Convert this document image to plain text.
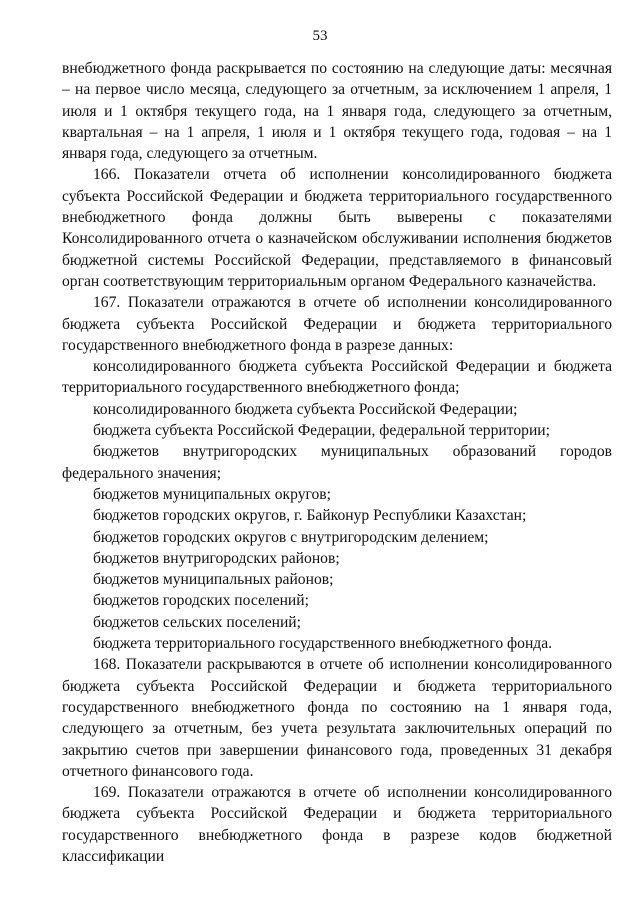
53

внебюджетного фонда раскрывается по состоянию на следующие даты: месячная – на первое число месяца, следующего за отчетным, за исключением 1 апреля, 1 июля и 1 октября текущего года, на 1 января года, следующего за отчетным, квартальная – на 1 апреля, 1 июля и 1 октября текущего года, годовая – на 1 января года, следующего за отчетным.

166. Показатели отчета об исполнении консолидированного бюджета субъекта Российской Федерации и бюджета территориального государственного внебюджетного фонда должны быть выверены с показателями Консолидированного отчета о казначейском обслуживании исполнения бюджетов бюджетной системы Российской Федерации, представляемого в финансовый орган соответствующим территориальным органом Федерального казначейства.

167. Показатели отражаются в отчете об исполнении консолидированного бюджета субъекта Российской Федерации и бюджета территориального государственного внебюджетного фонда в разрезе данных:

консолидированного бюджета субъекта Российской Федерации и бюджета территориального государственного внебюджетного фонда;

консолидированного бюджета субъекта Российской Федерации;

бюджета субъекта Российской Федерации, федеральной территории;

бюджетов внутригородских муниципальных образований городов федерального значения;

бюджетов муниципальных округов;

бюджетов городских округов, г. Байконур Республики Казахстан;

бюджетов городских округов с внутригородским делением;

бюджетов внутригородских районов;

бюджетов муниципальных районов;

бюджетов городских поселений;

бюджетов сельских поселений;

бюджета территориального государственного внебюджетного фонда.

168. Показатели раскрываются в отчете об исполнении консолидированного бюджета субъекта Российской Федерации и бюджета территориального государственного внебюджетного фонда по состоянию на 1 января года, следующего за отчетным, без учета результата заключительных операций по закрытию счетов при завершении финансового года, проведенных 31 декабря отчетного финансового года.

169. Показатели отражаются в отчете об исполнении консолидированного бюджета субъекта Российской Федерации и бюджета территориального государственного внебюджетного фонда в разрезе кодов бюджетной классификации
